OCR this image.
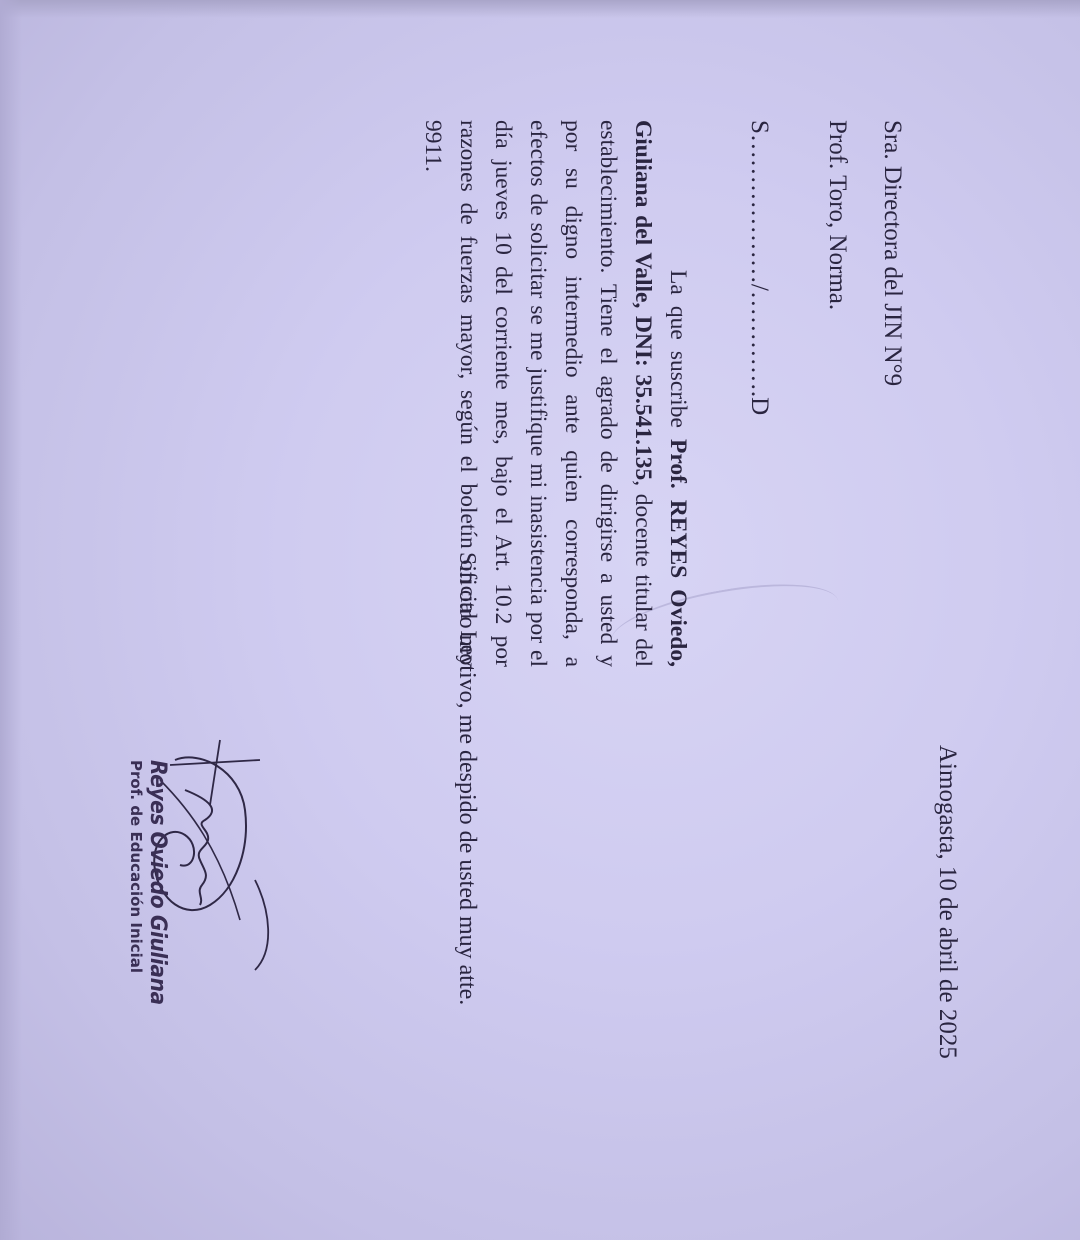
Aimogasta, 10 de abril de 2025
Sra. Directora del JIN N°9
Prof. Toro, Norma.
S………………/………….D
La que suscribe Prof. REYES Oviedo, Giuliana del Valle, DNI: 35.541.135, docente titular del establecimiento. Tiene el agrado de dirigirse a usted y por su digno intermedio ante quien corresponda, a efectos de solicitar se me justifique mi inasistencia por el día jueves 10 del corriente mes, bajo el Art. 10.2 por razones de fuerzas mayor, según el boletín oficial Ley 9911.
Sin otro motivo, me despido de usted muy atte.
Reyes Oviedo Giuliana
Prof. de Educación Inicial
